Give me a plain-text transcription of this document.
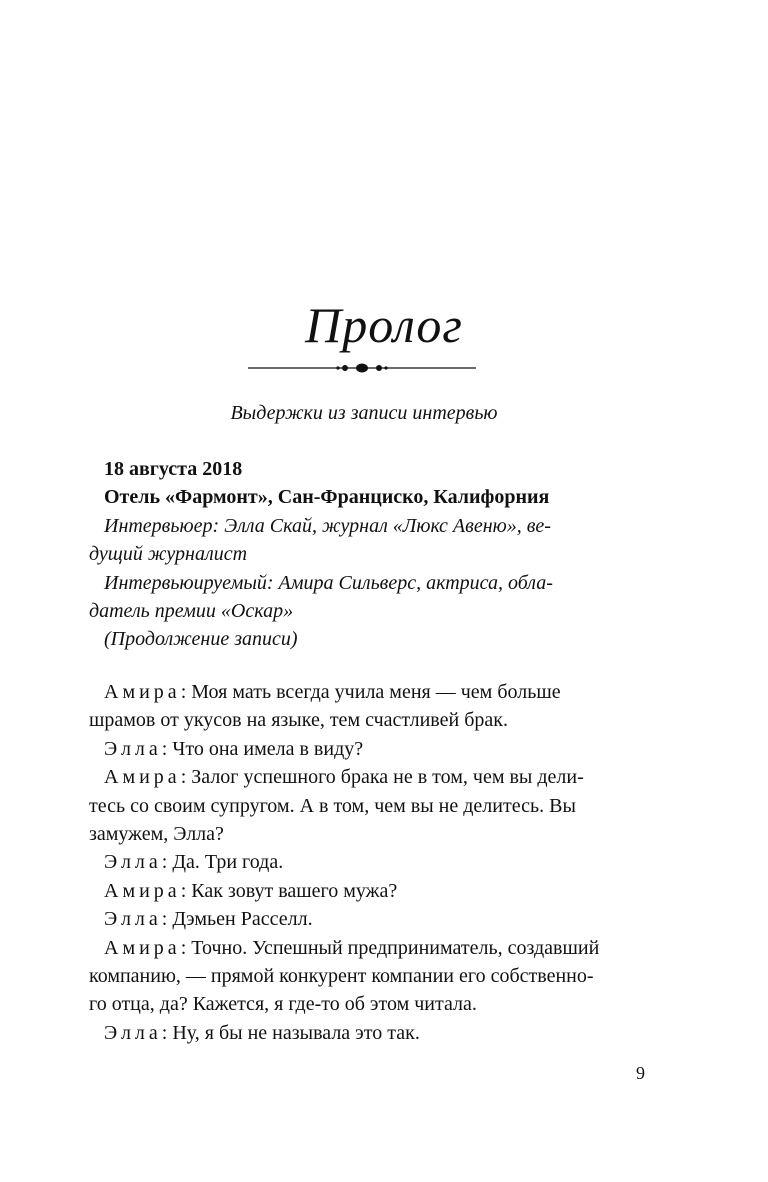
Пролог
Выдержки из записи интервью
18 августа 2018
Отель «Фармонт», Сан-Франциско, Калифорния
Интервьюер: Элла Скай, журнал «Люкс Авеню», ве-
дущий журналист
Интервьюируемый: Амира Сильверс, актриса, обла-
датель премии «Оскар»
(Продолжение записи)
Амира: Моя мать всегда учила меня — чем больше
шрамов от укусов на языке, тем счастливей брак.
Элла: Что она имела в виду?
Амира: Залог успешного брака не в том, чем вы дели-
тесь со своим супругом. А в том, чем вы не делитесь. Вы
замужем, Элла?
Элла: Да. Три года.
Амира: Как зовут вашего мужа?
Элла: Дэмьен Расселл.
Амира: Точно. Успешный предприниматель, создавший
компанию, — прямой конкурент компании его собственно-
го отца, да? Кажется, я где-то об этом читала.
Элла: Ну, я бы не называла это так.
9
